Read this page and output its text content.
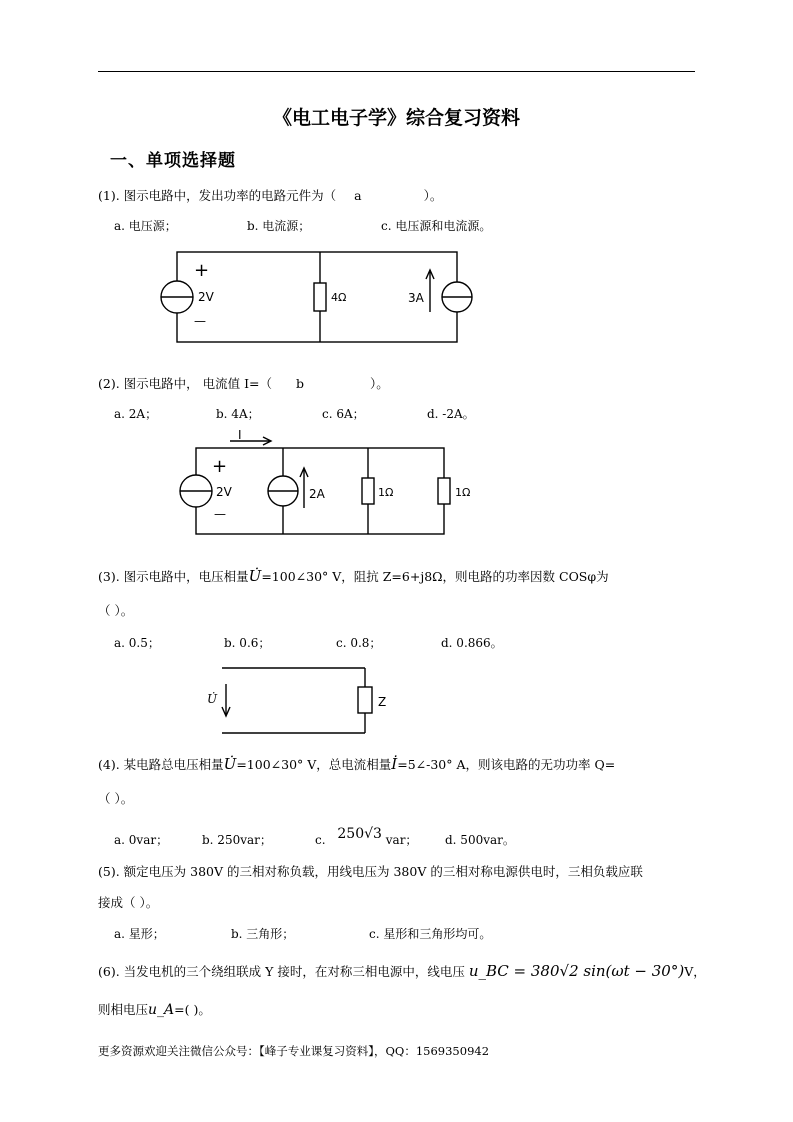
《电工电子学》综合复习资料
一、单项选择题
(1). 图示电路中，发出功率的电路元件为（ a	）。
a. 电压源；	b. 电流源；	c. 电压源和电流源。
+
—
2V	4Ω	3A
(2). 图示电路中， 电流值 I=（ b	）。
a. 2A；	b. 4A；	c. 6A；	d. -2A。
I
+
—
2V	2A	1Ω	1Ω
(3). 图示电路中，电压相量U̇=100∠30° V，阻抗 Z=6+j8Ω，则电路的功率因数 COSφ为
（ ）。
a. 0.5；	b. 0.6；	c. 0.8；	d. 0.866。
U̇	Z
(4). 某电路总电压相量U̇=100∠30° V，总电流相量İ=5∠-30° A，则该电路的无功功率 Q=
（ ）。
a. 0var；	b. 250var；	c. 250√3 var； d. 500var。
(5). 额定电压为 380V 的三相对称负载，用线电压为 380V 的三相对称电源供电时，三相负载应联
接成（ ）。
a. 星形；	b. 三角形；	c. 星形和三角形均可。
(6). 当发电机的三个绕组联成 Y 接时，在对称三相电源中，线电压 u_BC = 380√2 sin(ωt − 30°)V，
则相电压u_A=( )。
更多资源欢迎关注微信公众号：【峰子专业课复习资料】，QQ：1569350942
